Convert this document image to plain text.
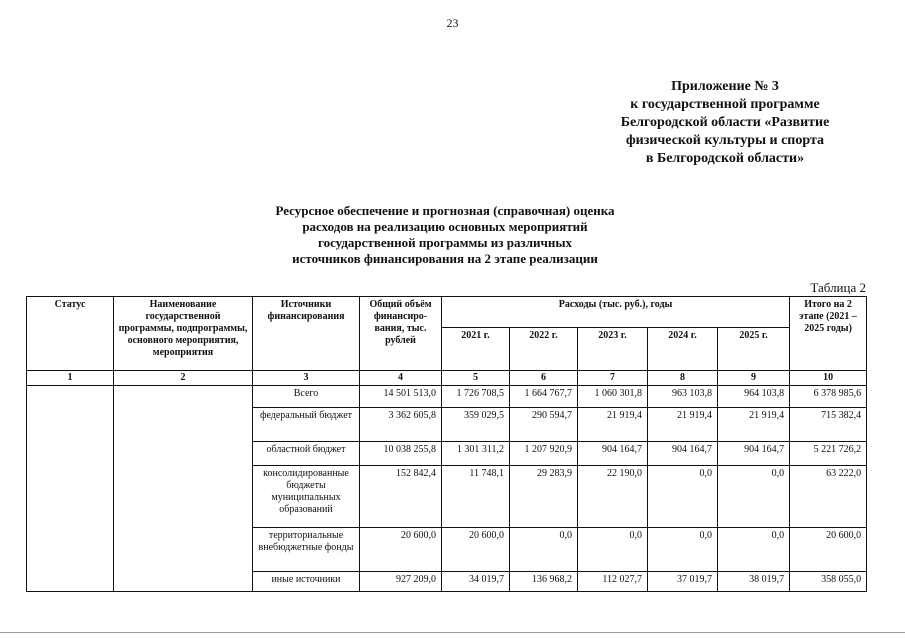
23
Приложение № 3
к государственной программе
Белгородской области «Развитие
физической культуры и спорта
в Белгородской области»
Ресурсное обеспечение и прогнозная (справочная) оценка
расходов на реализацию основных мероприятий
государственной программы из различных
источников финансирования на 2 этапе реализации
Таблица 2
Статус	Наименование государственной программы, подпрограммы, основного мероприятия, мероприятия	Источники финансирования	Общий объём финансиро-вания, тыс. рублей	Расходы (тыс. руб.), годы					Итого на 2 этапе (2021 – 2025 годы)
				2021 г.	2022 г.	2023 г.	2024 г.	2025 г.	
1	2	3	4	5	6	7	8	9	10
		Всего	14 501 513,0	1 726 708,5	1 664 767,7	1 060 301,8	963 103,8	964 103,8	6 378 985,6
		федеральный бюджет	3 362 605,8	359 029,5	290 594,7	21 919,4	21 919,4	21 919,4	715 382,4
		областной бюджет	10 038 255,8	1 301 311,2	1 207 920,9	904 164,7	904 164,7	904 164,7	5 221 726,2
		консолидированные бюджеты муниципальных образований	152 842,4	11 748,1	29 283,9	22 190,0	0,0	0,0	63 222,0
		территориальные внебюджетные фонды	20 600,0	20 600,0	0,0	0,0	0,0	0,0	20 600,0
		иные источники	927 209,0	34 019,7	136 968,2	112 027,7	37 019,7	38 019,7	358 055,0
